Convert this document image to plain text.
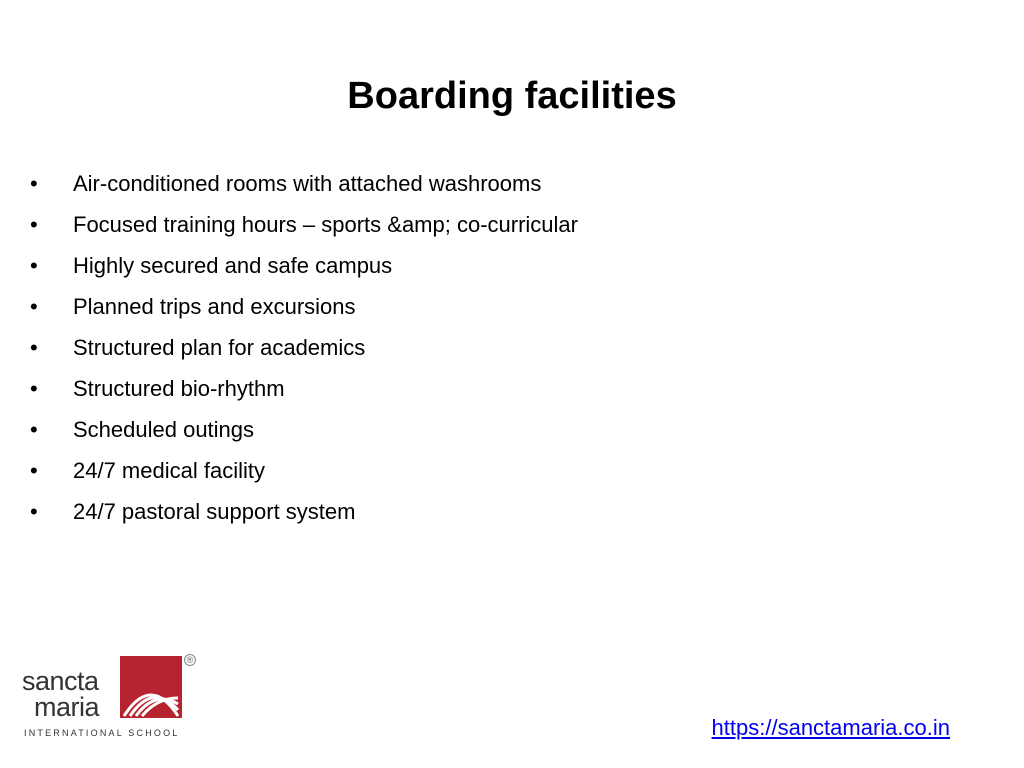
Boarding facilities
•	Air-conditioned rooms with attached washrooms
•	Focused training hours – sports &amp; co-curricular
•	Highly secured and safe campus
•	Planned trips and excursions
•	Structured plan for academics
•	Structured bio-rhythm
•	Scheduled outings
•	24/7 medical facility
•	24/7 pastoral support system
sancta
maria
®
INTERNATIONAL SCHOOL	https://sanctamaria.co.in
